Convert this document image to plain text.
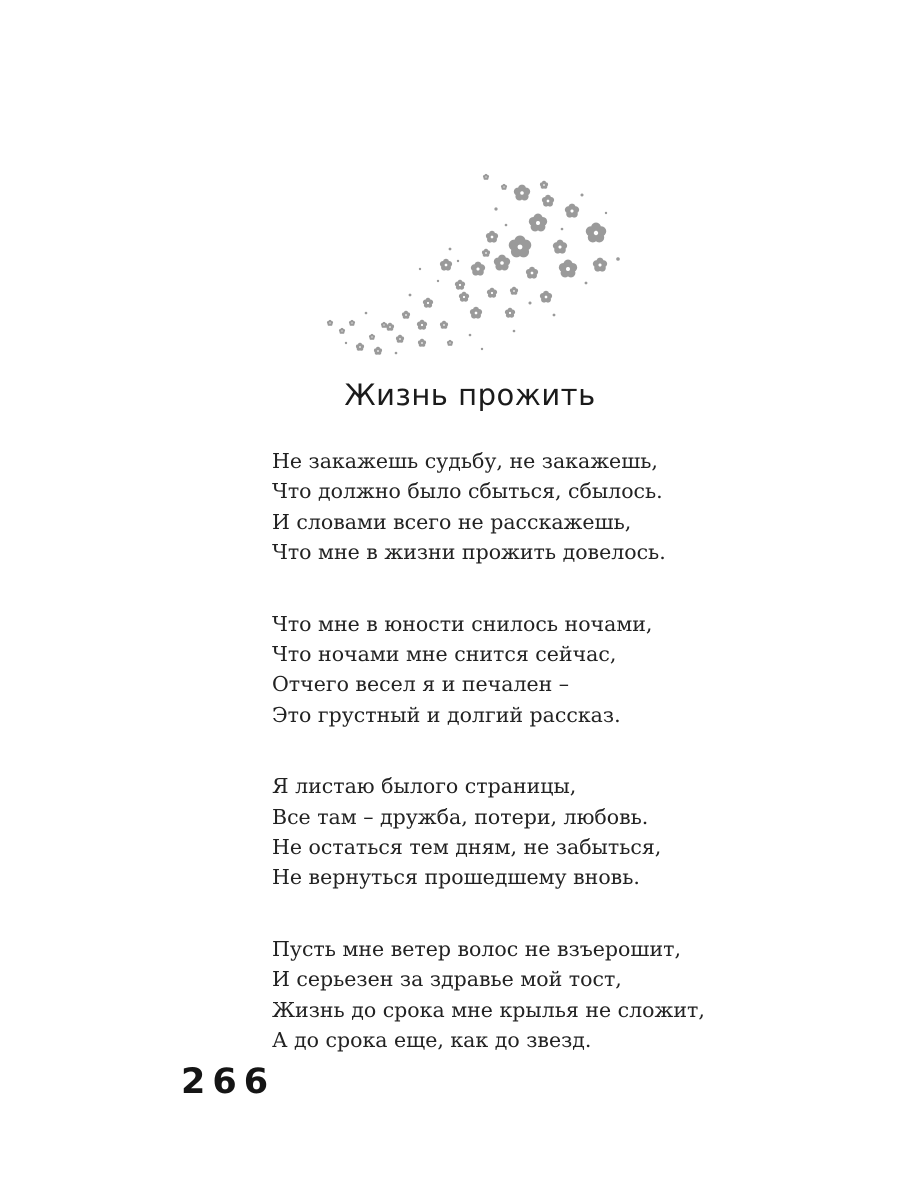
Жизнь прожить
Не закажешь судьбу, не закажешь,
Что должно было сбыться, сбылось.
И словами всего не расскажешь,
Что мне в жизни прожить довелось.
Что мне в юности снилось ночами,
Что ночами мне снится сейчас,
Отчего весел я и печален –
Это грустный и долгий рассказ.
Я листаю былого страницы,
Все там – дружба, потери, любовь.
Не остаться тем дням, не забыться,
Не вернуться прошедшему вновь.
Пусть мне ветер волос не взъерошит,
И серьезен за здравье мой тост,
Жизнь до срока мне крылья не сложит,
А до срока еще, как до звезд.
266
